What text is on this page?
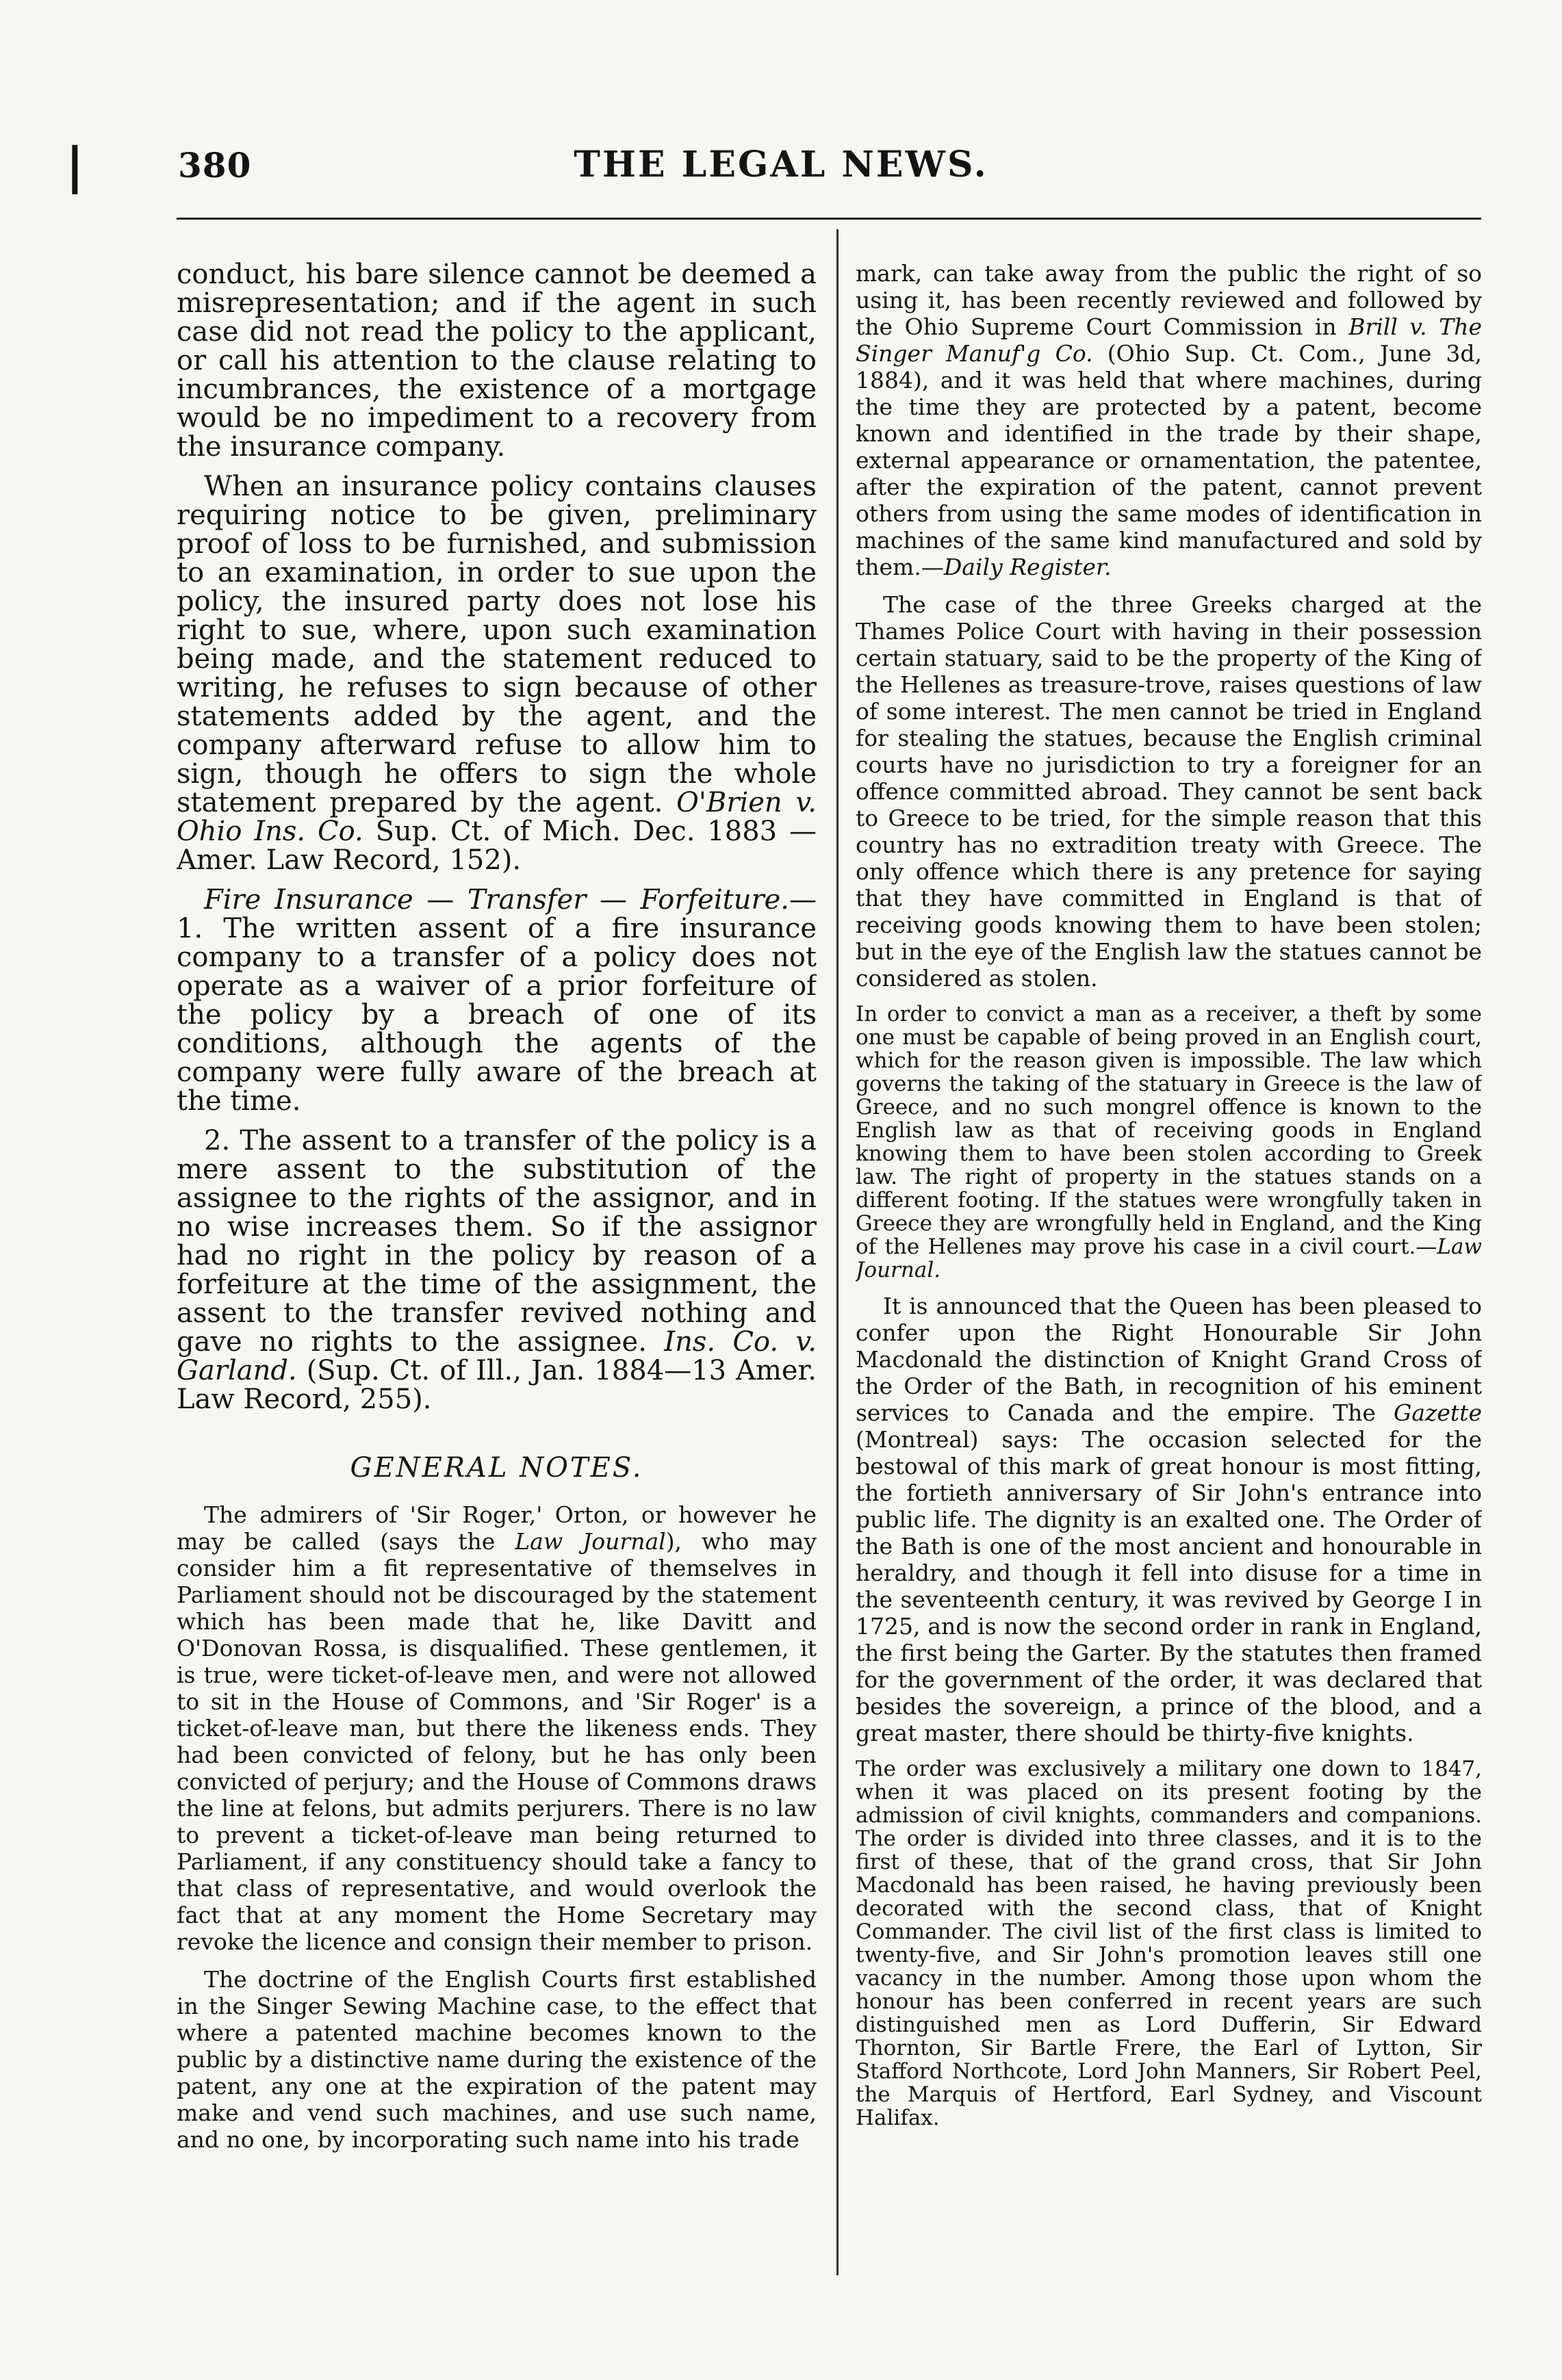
❘ 380	THE LEGAL NEWS.

conduct, his bare silence cannot be deemed a misrepresentation; and if the agent in such case did not read the policy to the applicant, or call his attention to the clause relating to incumbrances, the existence of a mortgage would be no impediment to a recovery from the insurance company.

When an insurance policy contains clauses requiring notice to be given, preliminary proof of loss to be furnished, and submission to an examination, in order to sue upon the policy, the insured party does not lose his right to sue, where, upon such examination being made, and the statement reduced to writing, he refuses to sign because of other statements added by the agent, and the company afterward refuse to allow him to sign, though he offers to sign the whole statement prepared by the agent. O'Brien v. Ohio Ins. Co. Sup. Ct. of Mich. Dec. 1883 —Amer. Law Record, 152).

Fire Insurance — Transfer — Forfeiture.—1. The written assent of a fire insurance company to a transfer of a policy does not operate as a waiver of a prior forfeiture of the policy by a breach of one of its conditions, although the agents of the company were fully aware of the breach at the time.

2. The assent to a transfer of the policy is a mere assent to the substitution of the assignee to the rights of the assignor, and in no wise increases them. So if the assignor had no right in the policy by reason of a forfeiture at the time of the assignment, the assent to the transfer revived nothing and gave no rights to the assignee. Ins. Co. v. Garland. (Sup. Ct. of Ill., Jan. 1884—13 Amer. Law Record, 255).

GENERAL NOTES.

The admirers of 'Sir Roger,' Orton, or however he may be called (says the Law Journal), who may consider him a fit representative of themselves in Parliament should not be discouraged by the statement which has been made that he, like Davitt and O'Donovan Rossa, is disqualified. These gentlemen, it is true, were ticket-of-leave men, and were not allowed to sit in the House of Commons, and 'Sir Roger' is a ticket-of-leave man, but there the likeness ends. They had been convicted of felony, but he has only been convicted of perjury; and the House of Commons draws the line at felons, but admits perjurers. There is no law to prevent a ticket-of-leave man being returned to Parliament, if any constituency should take a fancy to that class of representative, and would overlook the fact that at any moment the Home Secretary may revoke the licence and consign their member to prison.

The doctrine of the English Courts first established in the Singer Sewing Machine case, to the effect that where a patented machine becomes known to the public by a distinctive name during the existence of the patent, any one at the expiration of the patent may make and vend such machines, and use such name, and no one, by incorporating such name into his trade

mark, can take away from the public the right of so using it, has been recently reviewed and followed by the Ohio Supreme Court Commission in Brill v. The Singer Manuf'g Co. (Ohio Sup. Ct. Com., June 3d, 1884), and it was held that where machines, during the time they are protected by a patent, become known and identified in the trade by their shape, external appearance or ornamentation, the patentee, after the expiration of the patent, cannot prevent others from using the same modes of identification in machines of the same kind manufactured and sold by them.—Daily Register.

The case of the three Greeks charged at the Thames Police Court with having in their possession certain statuary, said to be the property of the King of the Hellenes as treasure-trove, raises questions of law of some interest. The men cannot be tried in England for stealing the statues, because the English criminal courts have no jurisdiction to try a foreigner for an offence committed abroad. They cannot be sent back to Greece to be tried, for the simple reason that this country has no extradition treaty with Greece. The only offence which there is any pretence for saying that they have committed in England is that of receiving goods knowing them to have been stolen; but in the eye of the English law the statues cannot be considered as stolen.

In order to convict a man as a receiver, a theft by some one must be capable of being proved in an English court, which for the reason given is impossible. The law which governs the taking of the statuary in Greece is the law of Greece, and no such mongrel offence is known to the English law as that of receiving goods in England knowing them to have been stolen according to Greek law. The right of property in the statues stands on a different footing. If the statues were wrongfully taken in Greece they are wrongfully held in England, and the King of the Hellenes may prove his case in a civil court.—Law Journal.

It is announced that the Queen has been pleased to confer upon the Right Honourable Sir John Macdonald the distinction of Knight Grand Cross of the Order of the Bath, in recognition of his eminent services to Canada and the empire. The Gazette (Montreal) says: The occasion selected for the bestowal of this mark of great honour is most fitting, the fortieth anniversary of Sir John's entrance into public life. The dignity is an exalted one. The Order of the Bath is one of the most ancient and honourable in heraldry, and though it fell into disuse for a time in the seventeenth century, it was revived by George I in 1725, and is now the second order in rank in England, the first being the Garter. By the statutes then framed for the government of the order, it was declared that besides the sovereign, a prince of the blood, and a great master, there should be thirty-five knights.

The order was exclusively a military one down to 1847, when it was placed on its present footing by the admission of civil knights, commanders and companions. The order is divided into three classes, and it is to the first of these, that of the grand cross, that Sir John Macdonald has been raised, he having previously been decorated with the second class, that of Knight Commander. The civil list of the first class is limited to twenty-five, and Sir John's promotion leaves still one vacancy in the number. Among those upon whom the honour has been conferred in recent years are such distinguished men as Lord Dufferin, Sir Edward Thornton, Sir Bartle Frere, the Earl of Lytton, Sir Stafford Northcote, Lord John Manners, Sir Robert Peel, the Marquis of Hertford, Earl Sydney, and Viscount Halifax.
